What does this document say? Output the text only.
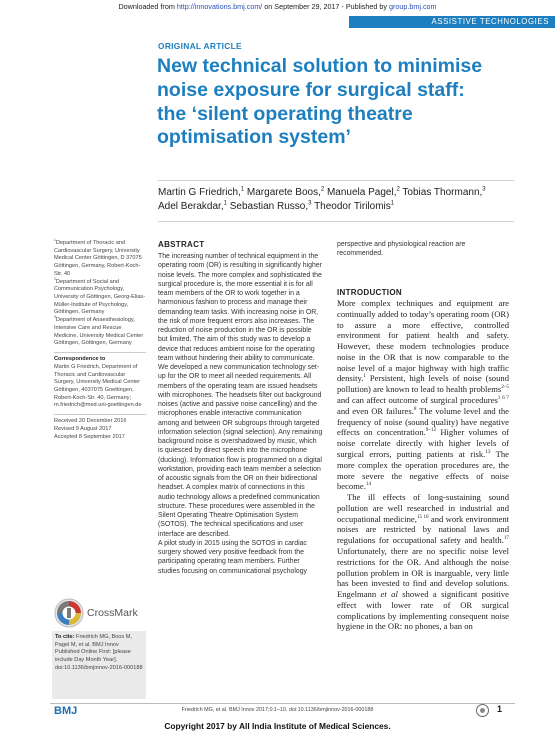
Downloaded from http://innovations.bmj.com/ on September 29, 2017 - Published by group.bmj.com
ASSISTIVE TECHNOLOGIES
ORIGINAL ARTICLE
New technical solution to minimise noise exposure for surgical staff: the ‘silent operating theatre optimisation system’
Martin G Friedrich,$^1$ Margarete Boos,$^2$ Manuela Pagel,$^2$ Tobias Thormann,$^3$ Adel Berakdar,$^1$ Sebastian Russo,$^3$ Theodor Tirilomis$^1$
$^1$Department of Thoracic and Cardiovascular Surgery, University Medical Center Göttingen, D 37075 Göttingen, Germany, Robert-Koch-Str. 40
$^2$Department of Social and Communication Psychology, University of Göttingen, Georg-Elias-Müller-Institute of Psychology, Göttingen, Germany
$^3$Department of Anaesthesiology, Intensive Care and Rescue Medicine, University Medical Center Göttingen, Göttingen, Germany
Correspondence to
Martin G Friedrich, Department of Thoracic and Cardiovascular Surgery, University Medical Center Göttingen, 4037075 Goettingen, Robert-Koch-Str. 40, Germany; m.friedrich@med.uni-goettingen.de
Received 20 December 2016
Revised 9 August 2017
Accepted 8 September 2017
CrossMark
To cite: Friedrich MG, Boos M, Pagel M, et al. BMJ Innov Published Online First: [please include Day Month Year]. doi:10.1136/bmjinnov-2016-000188
ABSTRACT

The increasing number of technical equipment in the operating room (OR) is resulting in significantly higher noise levels. The more complex and sophisticated the surgical procedure is, the more essential it is for all team members of the OR to work together in a harmonious fashion to process and manage their demanding team tasks. With increasing noise in OR, the risk of more frequent errors also increases. The reduction of noise production in the OR is possible but limited. The aim of this study was to develop a device that reduces ambient noise for the operating team without hindering their ability to communicate.

We developed a new communication technology set-up for the OR to meet all needed requirements. All members of the operating team are issued headsets with microphones. The headsets filter out background noises (active and passive noise cancelling) and the microphones enable interactive communication among and between OR subgroups through targeted information selection (signal selection). Any remaining background noise is overshadowed by music, which is quiesced by direct speech into the microphone (ducking). Information flow is programmed on a digital workstation, providing each team member a selection of acoustic signals from the OR on their bidirectional headset. A complex matrix of connections in this audio technology allows a predefined communication structure. These procedures were assembled in the Silent Operating Theatre Optimisation System (SOTOS). The technical specifications and user interface are described.

A pilot study in 2015 using the SOTOS in cardiac surgery showed very positive feedback from the participating operating team members. Further studies focusing on communicational psychology

perspective and physiological reaction are recommended.
INTRODUCTION

More complex techniques and equipment are continually added to today’s operating room (OR) to assure a more effective, controlled environment for patient health and safety. However, these modern technologies produce noise in the OR that is now comparable to the noise level of a major highway with high traffic density.$^1$ Persistent, high levels of noise (sound pollution) are known to lead to health problems$^{2-5}$ and can affect outcome of surgical procedures$^{1 6 7}$ and even OR failures.$^8$ The volume level and the frequency of noise (sound quality) have negative effects on concentration.$^{9-12}$ Higher volumes of noise correlate directly with higher levels of surgical errors, putting patients at risk.$^{13}$ The more complex the operation procedures are, the more severe the negative effects of noise become.$^{14}$

The ill effects of long-sustaining sound pollution are well researched in industrial and occupational medicine,$^{15 16}$ and work environment noises are restricted by national laws and regulations for occupational safety and health.$^{17}$ Unfortunately, there are no specific noise level restrictions for the OR. And although the noise pollution problem in OR is inarguable, very little has been invested to find and develop solutions. Engelmann et al showed a significant positive effect with lower rate of OR surgical complications by implementing consequent noise hygiene in the OR: no phones, a ban on

BMJ	Friedrich MG, et al. BMJ Innov 2017;0:1–10. doi:10.1136/bmjinnov-2016-000188	1
Copyright 2017 by All India Institute of Medical Sciences.
